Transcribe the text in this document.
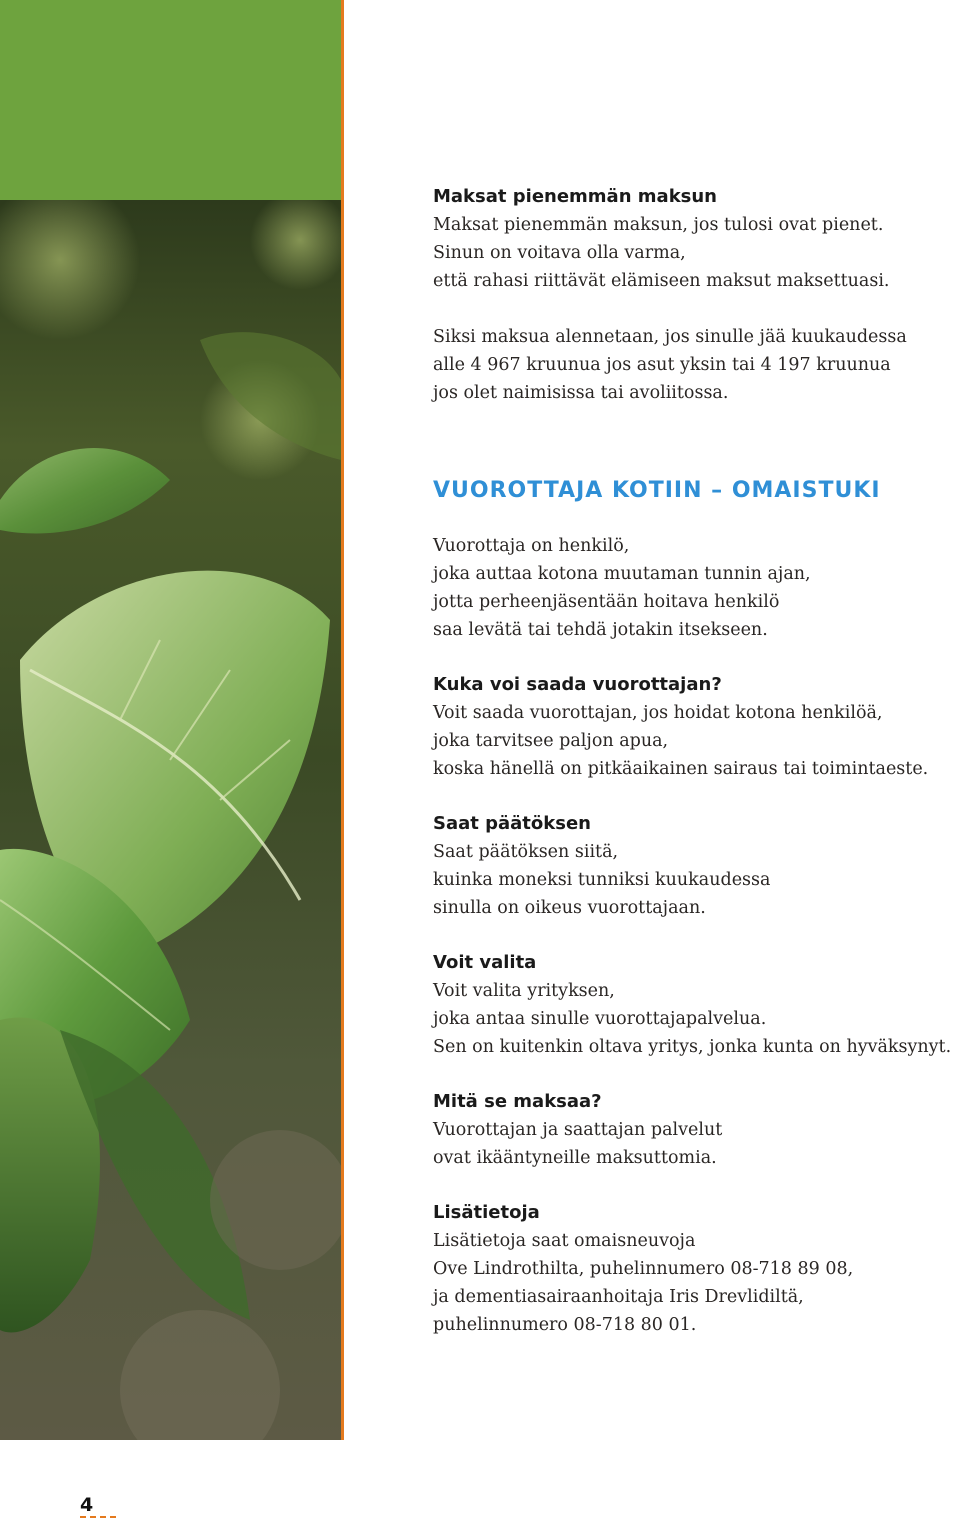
Maksat pienemmän maksun

Maksat pienemmän maksun, jos tulosi ovat pienet.

Sinun on voitava olla varma,

että rahasi riittävät elämiseen maksut maksettuasi.

Siksi maksua alennetaan, jos sinulle jää kuukaudessa

alle 4 967 kruunua jos asut yksin tai 4 197 kruunua

jos olet naimisissa tai avoliitossa.

VUOROTTAJA KOTIIN – OMAISTUKI

Vuorottaja on henkilö,

joka auttaa kotona muutaman tunnin ajan,

jotta perheenjäsentään hoitava henkilö

saa levätä tai tehdä jotakin itsekseen.

Kuka voi saada vuorottajan?

Voit saada vuorottajan, jos hoidat kotona henkilöä,

joka tarvitsee paljon apua,

koska hänellä on pitkäaikainen sairaus tai toimintaeste.

Saat päätöksen

Saat päätöksen siitä,

kuinka moneksi tunniksi kuukaudessa

sinulla on oikeus vuorottajaan.

Voit valita

Voit valita yrityksen,

joka antaa sinulle vuorottajapalvelua.

Sen on kuitenkin oltava yritys, jonka kunta on hyväksynyt.

Mitä se maksaa?

Vuorottajan ja saattajan palvelut

ovat ikääntyneille maksuttomia.

Lisätietoja

Lisätietoja saat omaisneuvoja

Ove Lindrothilta, puhelinnumero 08-718 89 08,

ja dementiasairaanhoitaja Iris Drevlidiltä,

puhelinnumero 08-718 80 01.

4
